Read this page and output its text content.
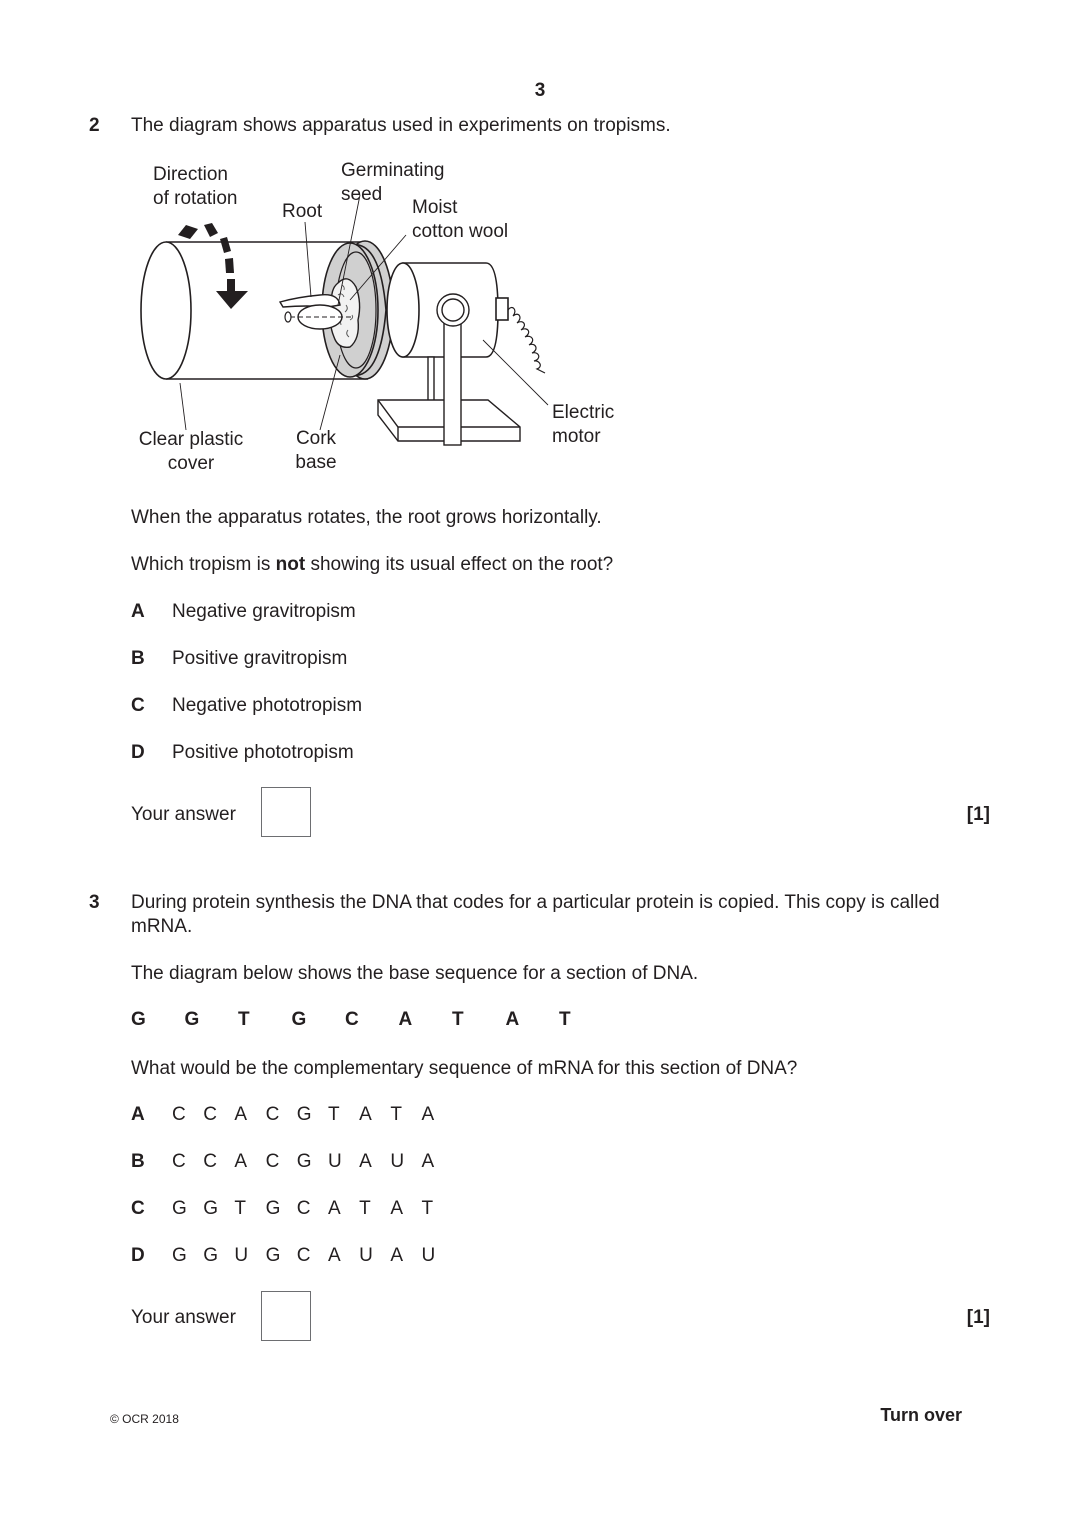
3
2 The diagram shows apparatus used in experiments on tropisms.
Direction
of rotation
Germinating
seed
Root	Moist
cotton wool
Clear plastic
cover
Cork
base
Electric
motor
When the apparatus rotates, the root grows horizontally.
Which tropism is not showing its usual effect on the root?
A Negative gravitropism
B Positive gravitropism
C Negative phototropism
D Positive phototropism
Your answer	[1]
3 During protein synthesis the DNA that codes for a particular protein is copied. This copy is called mRNA.
The diagram below shows the base sequence for a section of DNA.
G	G	T	G	C	A	T	A	T
What would be the complementary sequence of mRNA for this section of DNA?
A C C A C G T	A T	A
B C C A C G U A U A
C G G T	G C A T	A T
D G G U G C A U A U
Your answer	[1]
© OCR 2018	Turn over
